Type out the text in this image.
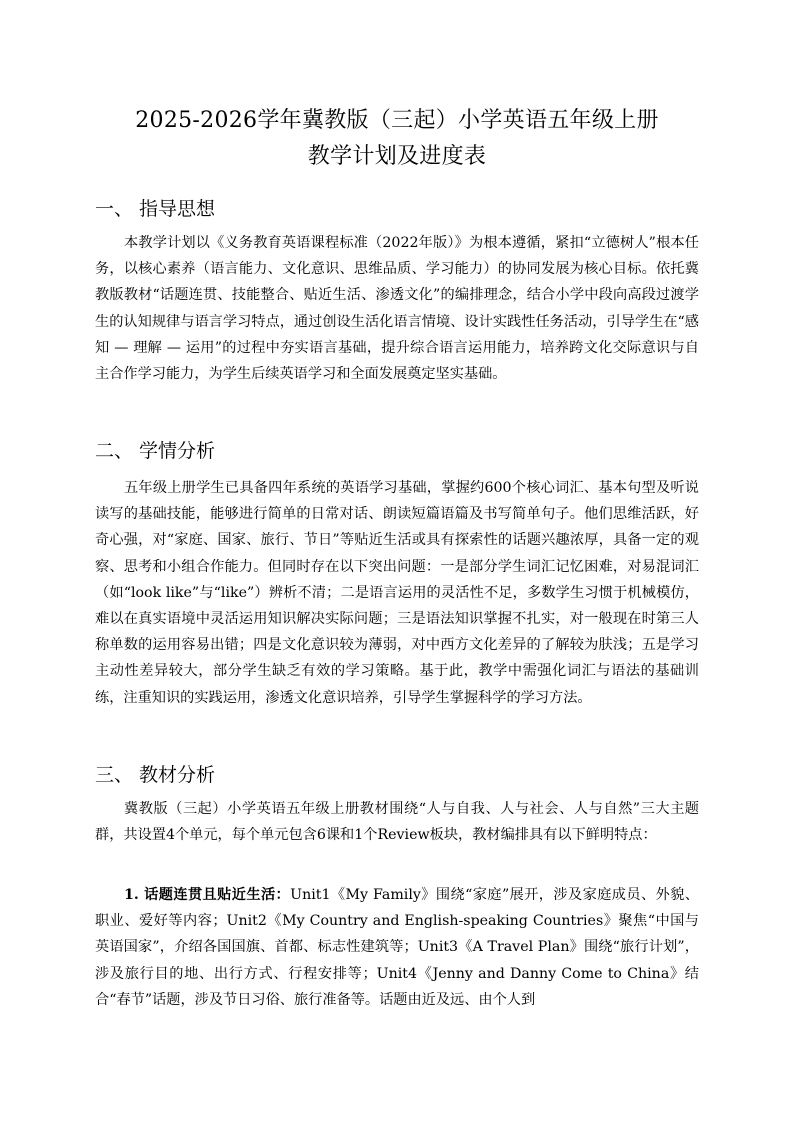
2025-2026学年冀教版（三起）小学英语五年级上册
教学计划及进度表
一、 指导思想
本教学计划以《义务教育英语课程标准（2022年版）》为根本遵循，紧扣“立德树人”根本任务，以核心素养（语言能力、文化意识、思维品质、学习能力）的协同发展为核心目标。依托冀教版教材“话题连贯、技能整合、贴近生活、渗透文化”的编排理念，结合小学中段向高段过渡学生的认知规律与语言学习特点，通过创设生活化语言情境、设计实践性任务活动，引导学生在“感知 — 理解 — 运用”的过程中夯实语言基础，提升综合语言运用能力，培养跨文化交际意识与自主合作学习能力，为学生后续英语学习和全面发展奠定坚实基础。
二、 学情分析
五年级上册学生已具备四年系统的英语学习基础，掌握约600个核心词汇、基本句型及听说读写的基础技能，能够进行简单的日常对话、朗读短篇语篇及书写简单句子。他们思维活跃，好奇心强，对“家庭、国家、旅行、节日”等贴近生活或具有探索性的话题兴趣浓厚，具备一定的观察、思考和小组合作能力。但同时存在以下突出问题：一是部分学生词汇记忆困难，对易混词汇（如“look like”与“like”）辨析不清；二是语言运用的灵活性不足，多数学生习惯于机械模仿，难以在真实语境中灵活运用知识解决实际问题；三是语法知识掌握不扎实，对一般现在时第三人称单数的运用容易出错；四是文化意识较为薄弱，对中西方文化差异的了解较为肤浅；五是学习主动性差异较大，部分学生缺乏有效的学习策略。基于此，教学中需强化词汇与语法的基础训练，注重知识的实践运用，渗透文化意识培养，引导学生掌握科学的学习方法。
三、 教材分析
冀教版（三起）小学英语五年级上册教材围绕“人与自我、人与社会、人与自然”三大主题群，共设置4个单元，每个单元包含6课和1个Review板块，教材编排具有以下鲜明特点：
1. 话题连贯且贴近生活：Unit1《My Family》围绕“家庭”展开，涉及家庭成员、外貌、职业、爱好等内容；Unit2《My Country and English-speaking Countries》聚焦“中国与英语国家”，介绍各国国旗、首都、标志性建筑等；Unit3《A Travel Plan》围绕“旅行计划”，涉及旅行目的地、出行方式、行程安排等；Unit4《Jenny and Danny Come to China》结合“春节”话题，涉及节日习俗、旅行准备等。话题由近及远、由个人到
